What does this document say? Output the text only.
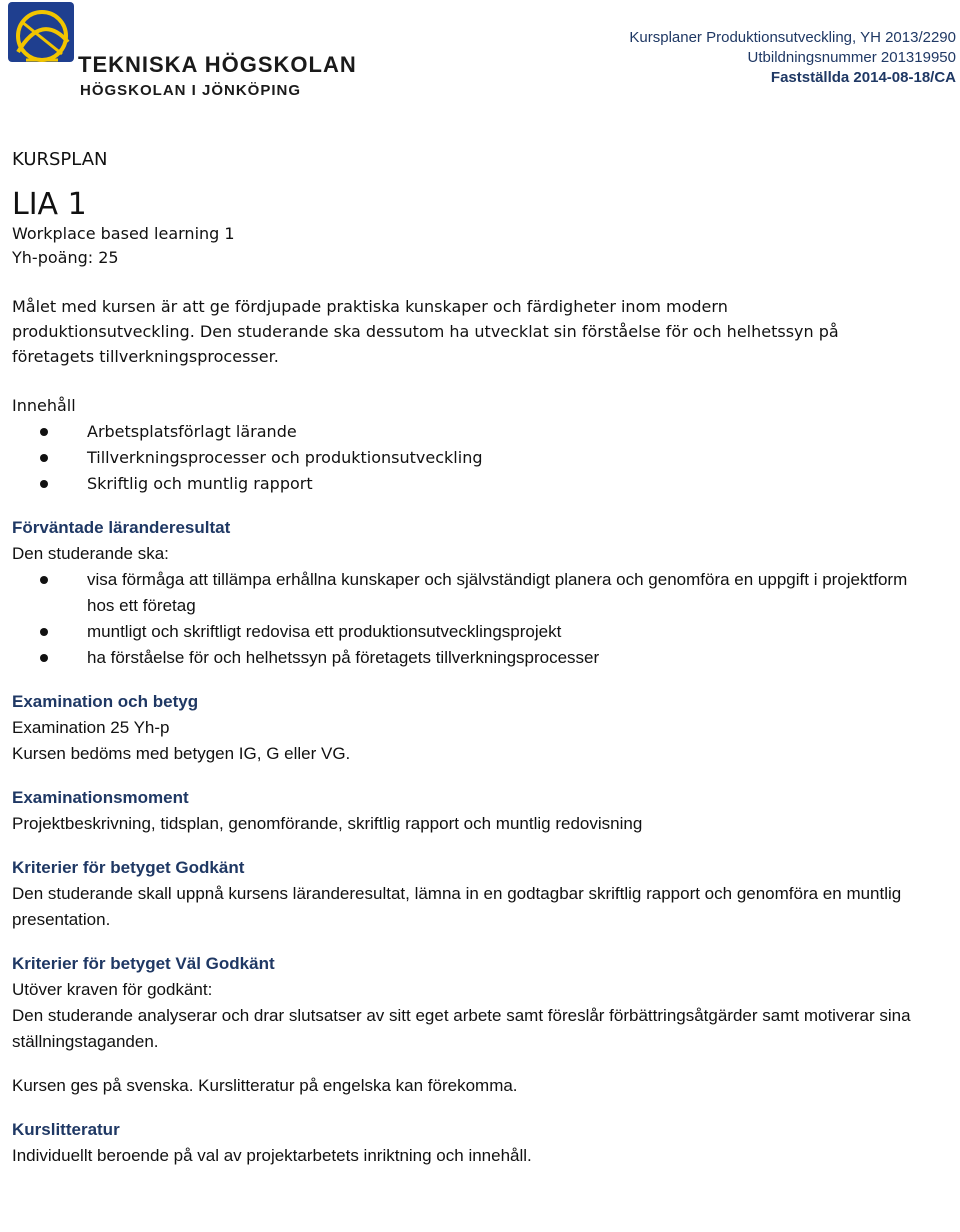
TEKNISKA HÖGSKOLAN
HÖGSKOLAN I JÖNKÖPING
Kursplaner Produktionsutveckling, YH 2013/2290
Utbildningsnummer 201319950
Fastställda 2014-08-18/CA

KURSPLAN

LIA 1

Workplace based learning 1

Yh-poäng: 25

Målet med kursen är att ge fördjupade praktiska kunskaper och färdigheter inom modern produktionsutveckling. Den studerande ska dessutom ha utvecklat sin förståelse för och helhetssyn på företagets tillverkningsprocesser.

Innehåll

Arbetsplatsförlagt lärande
Tillverkningsprocesser och produktionsutveckling
Skriftlig och muntlig rapport
Förväntade läranderesultat

Den studerande ska:

visa förmåga att tillämpa erhållna kunskaper och självständigt planera och genomföra en uppgift i projektform hos ett företag
muntligt och skriftligt redovisa ett produktionsutvecklingsprojekt
ha förståelse för och helhetssyn på företagets tillverkningsprocesser
Examination och betyg

Examination 25 Yh-p

Kursen bedöms med betygen IG, G eller VG.

Examinationsmoment

Projektbeskrivning, tidsplan, genomförande, skriftlig rapport och muntlig redovisning

Kriterier för betyget Godkänt

Den studerande skall uppnå kursens läranderesultat, lämna in en godtagbar skriftlig rapport och genomföra en muntlig presentation.

Kriterier för betyget Väl Godkänt

Utöver kraven för godkänt:

Den studerande analyserar och drar slutsatser av sitt eget arbete samt föreslår förbättringsåtgärder samt motiverar sina ställningstaganden.

Kursen ges på svenska. Kurslitteratur på engelska kan förekomma.

Kurslitteratur

Individuellt beroende på val av projektarbetets inriktning och innehåll.
